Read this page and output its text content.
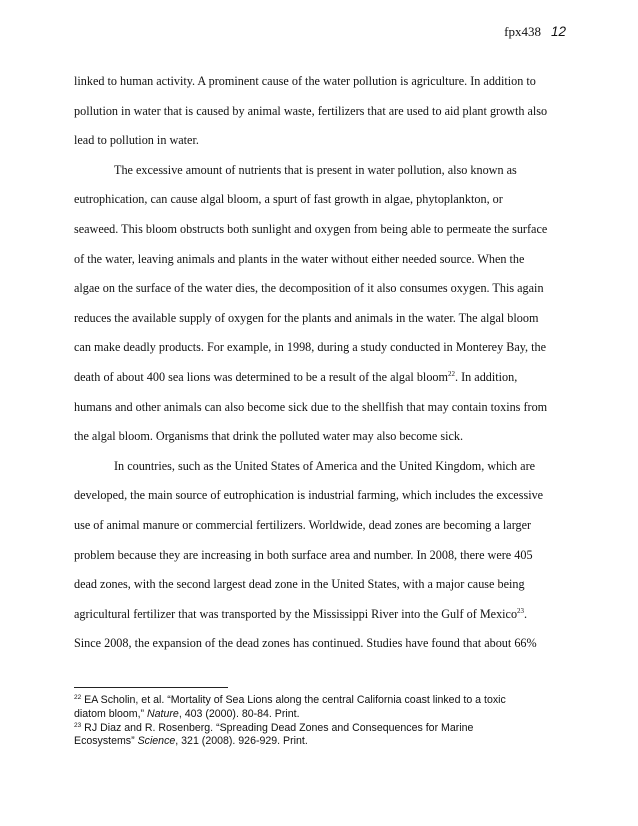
fpx438 12
linked to human activity. A prominent cause of the water pollution is agriculture. In addition to
pollution in water that is caused by animal waste, fertilizers that are used to aid plant growth also
lead to pollution in water.
The excessive amount of nutrients that is present in water pollution, also known as
eutrophication, can cause algal bloom, a spurt of fast growth in algae, phytoplankton, or
seaweed. This bloom obstructs both sunlight and oxygen from being able to permeate the surface
of the water, leaving animals and plants in the water without either needed source. When the
algae on the surface of the water dies, the decomposition of it also consumes oxygen. This again
reduces the available supply of oxygen for the plants and animals in the water. The algal bloom
can make deadly products. For example, in 1998, during a study conducted in Monterey Bay, the
death of about 400 sea lions was determined to be a result of the algal bloom$^{22}$. In addition,
humans and other animals can also become sick due to the shellfish that may contain toxins from
the algal bloom. Organisms that drink the polluted water may also become sick.
In countries, such as the United States of America and the United Kingdom, which are
developed, the main source of eutrophication is industrial farming, which includes the excessive
use of animal manure or commercial fertilizers. Worldwide, dead zones are becoming a larger
problem because they are increasing in both surface area and number. In 2008, there were 405
dead zones, with the second largest dead zone in the United States, with a major cause being
agricultural fertilizer that was transported by the Mississippi River into the Gulf of Mexico$^{23}$.
Since 2008, the expansion of the dead zones has continued. Studies have found that about 66%
$^{22}$ EA Scholin, et al. “Mortality of Sea Lions along the central California coast linked to a toxic
diatom bloom,” Nature, 403 (2000). 80-84. Print.
$^{23}$ RJ Diaz and R. Rosenberg. “Spreading Dead Zones and Consequences for Marine
Ecosystems” Science, 321 (2008). 926-929. Print.
